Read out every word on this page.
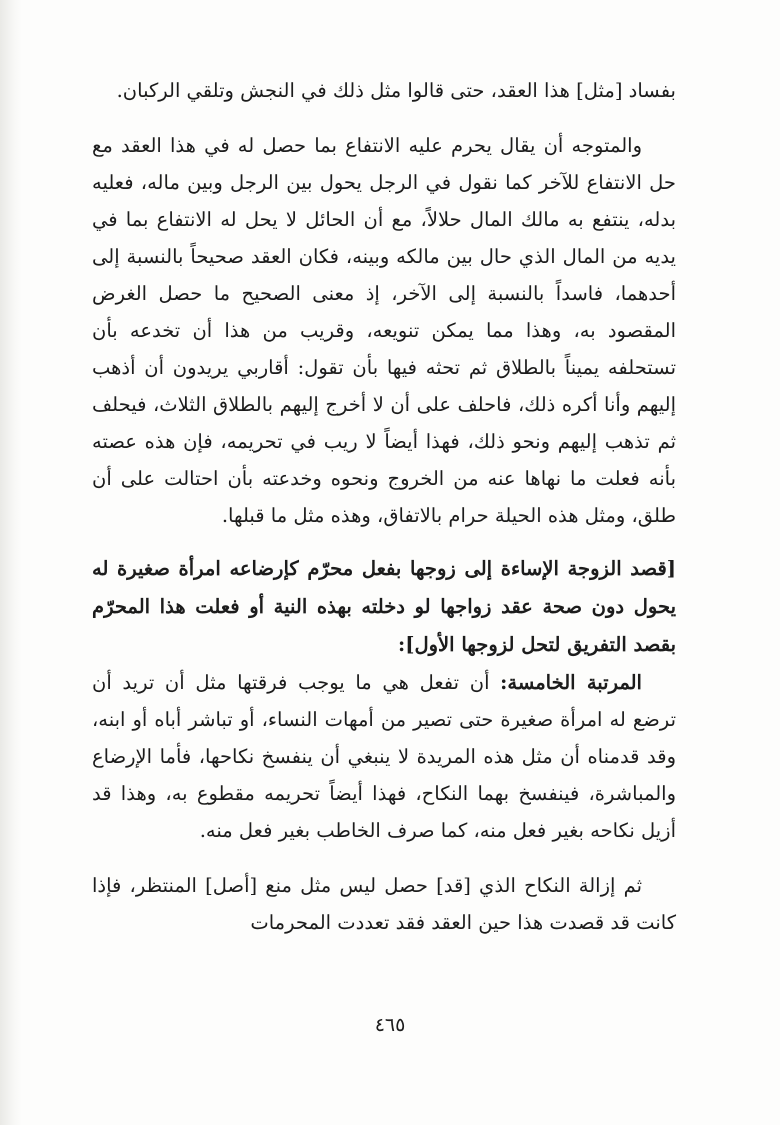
بفساد [مثل] هذا العقد، حتى قالوا مثل ذلك في النجش وتلقي الركبان.

والمتوجه أن يقال يحرم عليه الانتفاع بما حصل له في هذا العقد مع حل الانتفاع للآخر كما نقول في الرجل يحول بين الرجل وبين ماله، فعليه بدله، ينتفع به مالك المال حلالاً، مع أن الحائل لا يحل له الانتفاع بما في يديه من المال الذي حال بين مالكه وبينه، فكان العقد صحيحاً بالنسبة إلى أحدهما، فاسداً بالنسبة إلى الآخر، إذ معنى الصحيح ما حصل الغرض المقصود به، وهذا مما يمكن تنويعه، وقريب من هذا أن تخدعه بأن تستحلفه يميناً بالطلاق ثم تحثه فيها بأن تقول: أقاربي يريدون أن أذهب إليهم وأنا أكره ذلك، فاحلف على أن لا أخرج إليهم بالطلاق الثلاث، فيحلف ثم تذهب إليهم ونحو ذلك، فهذا أيضاً لا ريب في تحريمه، فإن هذه عصته بأنه فعلت ما نهاها عنه من الخروج ونحوه وخدعته بأن احتالت على أن طلق، ومثل هذه الحيلة حرام بالاتفاق، وهذه مثل ما قبلها.

[قصد الزوجة الإساءة إلى زوجها بفعل محرّم كإرضاعه امرأة صغيرة له يحول دون صحة عقد زواجها لو دخلته بهذه النية أو فعلت هذا المحرّم بقصد التفريق لتحل لزوجها الأول]:

المرتبة الخامسة: أن تفعل هي ما يوجب فرقتها مثل أن تريد أن ترضع له امرأة صغيرة حتى تصير من أمهات النساء، أو تباشر أباه أو ابنه، وقد قدمناه أن مثل هذه المريدة لا ينبغي أن ينفسخ نكاحها، فأما الإرضاع والمباشرة، فينفسخ بهما النكاح، فهذا أيضاً تحريمه مقطوع به، وهذا قد أزيل نكاحه بغير فعل منه، كما صرف الخاطب بغير فعل منه.

ثم إزالة النكاح الذي [قد] حصل ليس مثل منع [أصل] المنتظر، فإذا كانت قد قصدت هذا حين العقد فقد تعددت المحرمات

٤٦٥
